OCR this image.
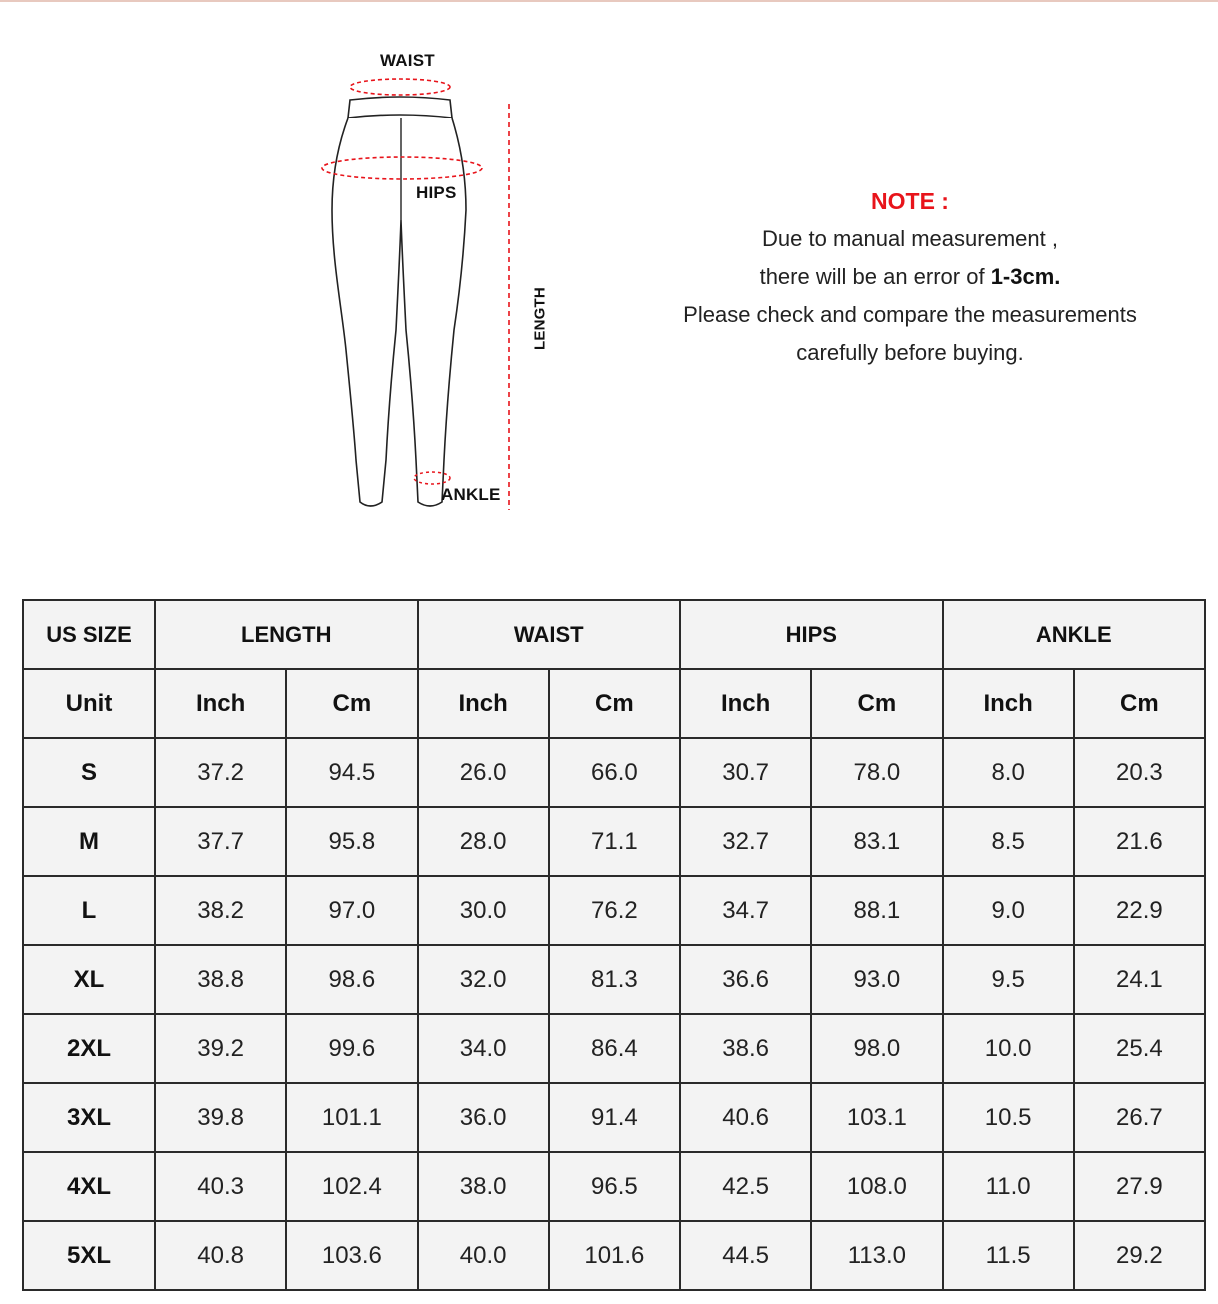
WAIST
HIPS
ANKLE
LENGTH
NOTE :
Due to manual measurement ,
there will be an error of 1-3cm.
Please check and compare the measurements
carefully before buying.
US SIZE	LENGTH		WAIST		HIPS		ANKLE	
Unit	Inch	Cm	Inch	Cm	Inch	Cm	Inch	Cm
S	37.2	94.5	26.0	66.0	30.7	78.0	8.0	20.3
M	37.7	95.8	28.0	71.1	32.7	83.1	8.5	21.6
L	38.2	97.0	30.0	76.2	34.7	88.1	9.0	22.9
XL	38.8	98.6	32.0	81.3	36.6	93.0	9.5	24.1
2XL	39.2	99.6	34.0	86.4	38.6	98.0	10.0	25.4
3XL	39.8	101.1	36.0	91.4	40.6	103.1	10.5	26.7
4XL	40.3	102.4	38.0	96.5	42.5	108.0	11.0	27.9
5XL	40.8	103.6	40.0	101.6	44.5	113.0	11.5	29.2
